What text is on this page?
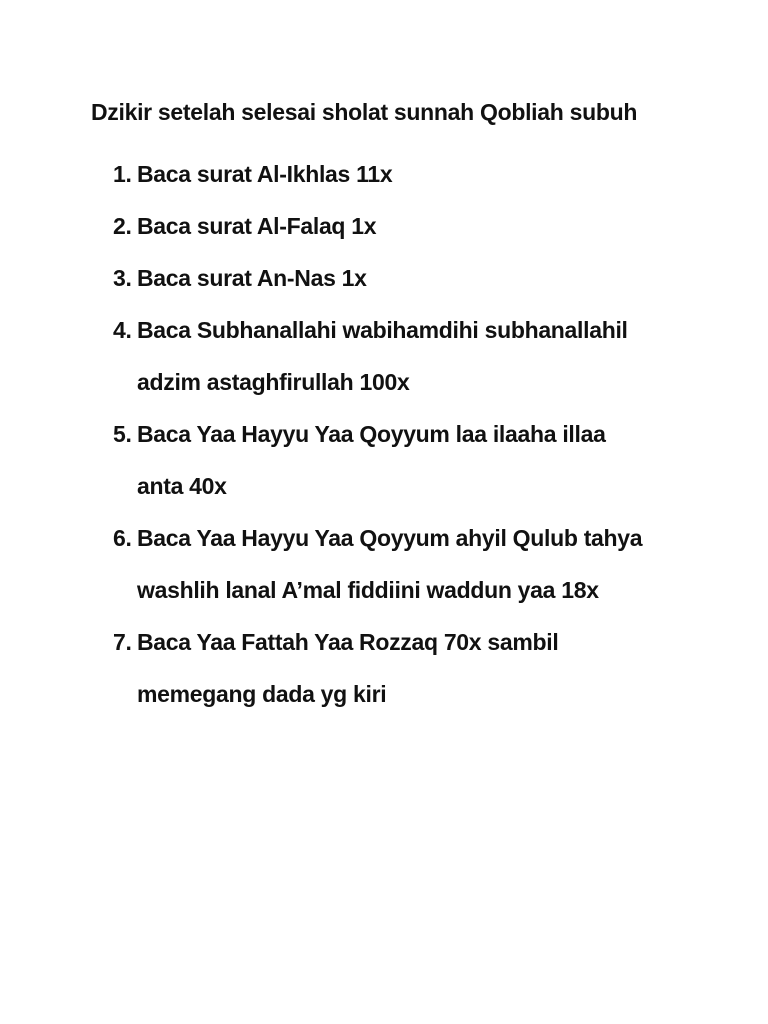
Dzikir setelah selesai sholat sunnah Qobliah subuh
1. Baca surat Al-Ikhlas 11x
2. Baca surat Al-Falaq 1x
3. Baca surat An-Nas 1x
4. Baca Subhanallahi wabihamdihi subhanallahil
adzim astaghfirullah 100x
5. Baca Yaa Hayyu Yaa Qoyyum laa ilaaha illaa
anta 40x
6. Baca Yaa Hayyu Yaa Qoyyum ahyil Qulub tahya
washlih lanal A’mal fiddiini waddun yaa 18x
7. Baca Yaa Fattah Yaa Rozzaq 70x sambil
memegang dada yg kiri
